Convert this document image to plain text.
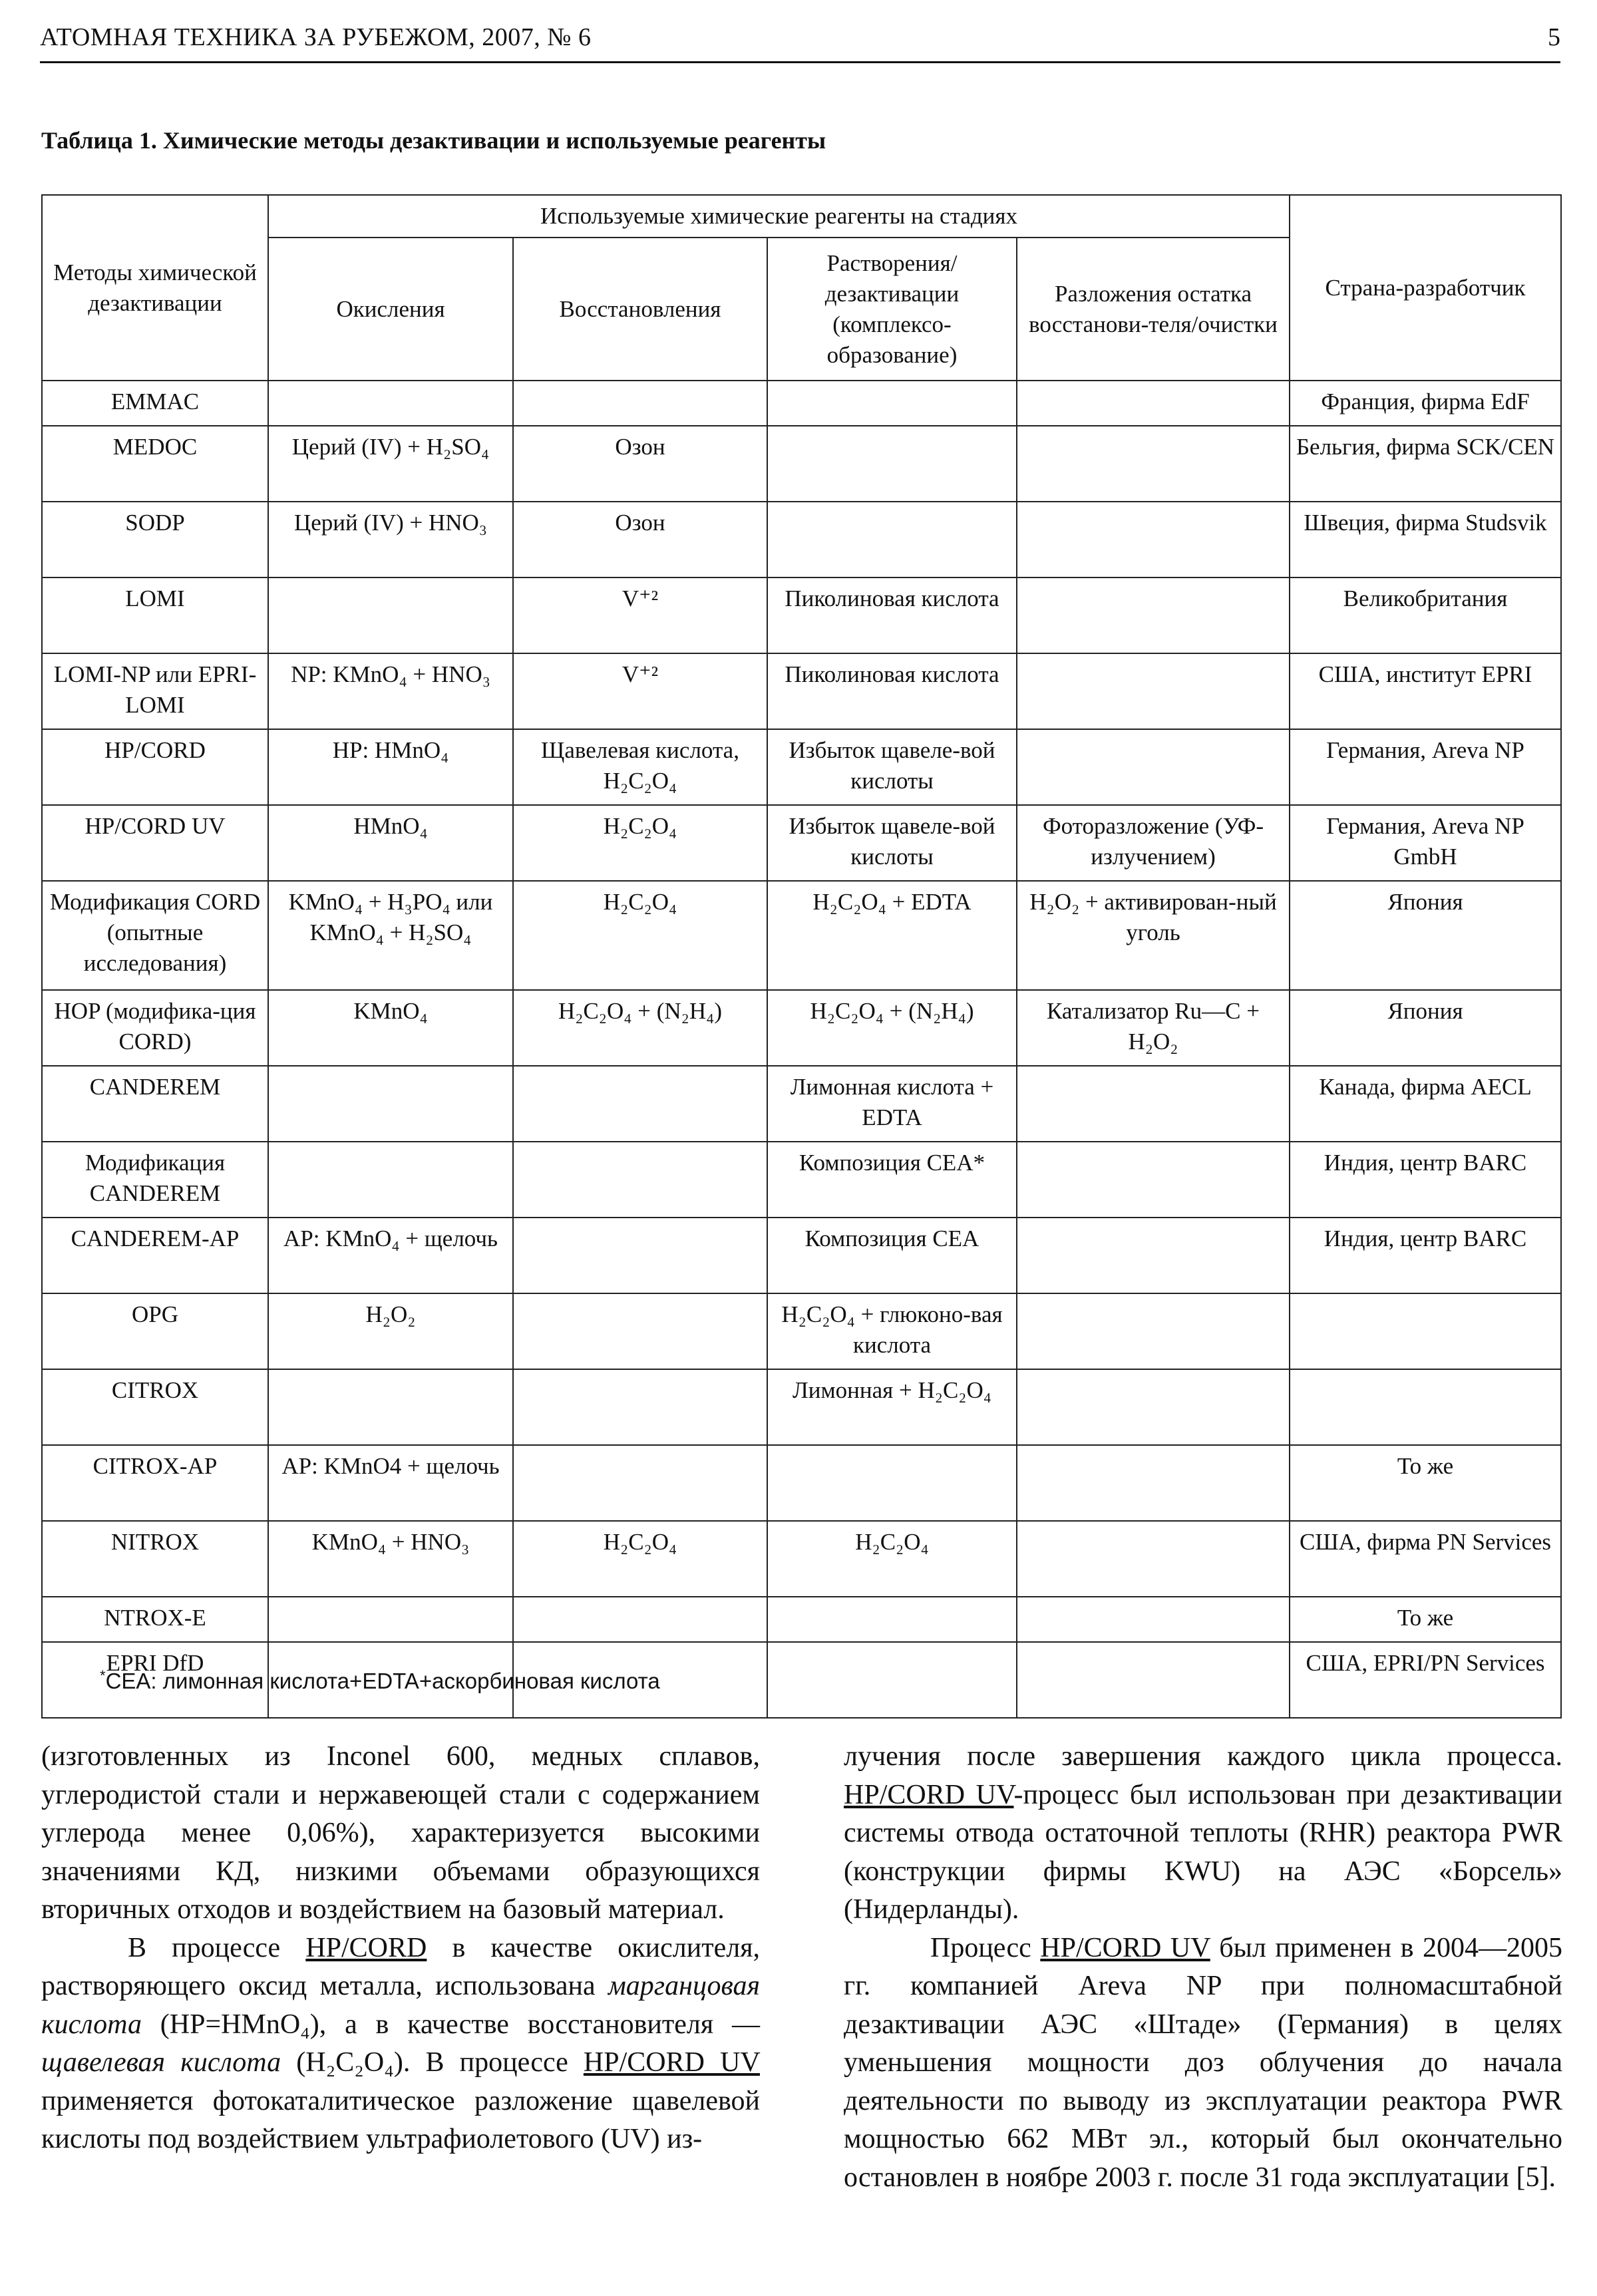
АТОМНАЯ ТЕХНИКА ЗА РУБЕЖОМ, 2007, № 6	5
Таблица 1. Химические методы дезактивации и используемые реагенты
Методы химической дезактивации	Используемые химические реагенты на стадиях				Страна-разработчик
	Окисления	Восстановления	Растворения/ дезактивации (комплексо-образование)	Разложения остатка восстанови-теля/очистки	
EMMAC					Франция, фирма EdF
MEDOC	Церий (IV) + H₂SO₄	Озон			Бельгия, фирма SCK/CEN
SODP	Церий (IV) + HNO₃	Озон			Швеция, фирма Studsvik
LOMI		V⁺²	Пиколиновая кислота		Великобритания
LOMI-NP или EPRI-LOMI	NP: KMnO₄ + HNO₃	V⁺²	Пиколиновая кислота		США, институт EPRI
HP/CORD	HP: HMnO₄	Щавелевая кислота, H₂C₂O₄	Избыток щавеле-вой кислоты		Германия, Areva NP
HP/CORD UV	HMnO₄	H₂C₂O₄	Избыток щавеле-вой кислоты	Фоторазложение (УФ-излучением)	Германия, Areva NP GmbH
Модификация CORD (опытные исследования)	KMnO₄ + H₃PO₄ или KMnO₄ + H₂SO₄	H₂C₂O₄	H₂C₂O₄ + EDTA	H₂O₂ + активирован-ный уголь	Япония
HOP (модифика-ция CORD)	KMnO₄	H₂C₂O₄ + (N₂H₄)	H₂C₂O₄ + (N₂H₄)	Катализатор Ru—C + H₂O₂	Япония
CANDEREM			Лимонная кислота + EDTA		Канада, фирма AECL
Модификация CANDEREM			Композиция CEA*		Индия, центр BARC
CANDEREM-AP	AP: KMnO₄ + щелочь		Композиция CEA		Индия, центр BARC
OPG	H₂O₂		H₂C₂O₄ + глюконо-вая кислота		
CITROX			Лимонная + H₂C₂O₄		
CITROX-AP	AP: KMnO4 + щелочь				То же
NITROX	KMnO₄ + HNO₃	H₂C₂O₄	H₂C₂O₄		США, фирма PN Services
NTROX-E					То же
EPRI DfD					США, EPRI/PN Services
*CEA: лимонная кислота+EDTA+аскорбиновая кислота

(изготовленных из Inconel 600, медных сплавов, углеродистой стали и нержавеющей стали с содержанием углерода менее 0,06%), характеризуется высокими значениями КД, низкими объемами образующихся вторичных отходов и воздействием на базовый материал.

В процессе HP/CORD в качестве окислителя, растворяющего оксид металла, использована марганцовая кислота (HP=HMnO₄), а в качестве восстановителя — щавелевая кислота (H₂C₂O₄). В процессе HP/CORD UV применяется фотокаталитическое разложение щавелевой кислоты под воздействием ультрафиолетового (UV) из-

лучения после завершения каждого цикла процесса. HP/CORD UV-процесс был использован при дезактивации системы отвода остаточной теплоты (RHR) реактора PWR (конструкции фирмы KWU) на АЭС «Борсель» (Нидерланды).

Процесс HP/CORD UV был применен в 2004—2005 гг. компанией Areva NP при полномасштабной дезактивации АЭС «Штаде» (Германия) в целях уменьшения мощности доз облучения до начала деятельности по выводу из эксплуатации реактора PWR мощностью 662 МВт эл., который был окончательно остановлен в ноябре 2003 г. после 31 года эксплуатации [5].
